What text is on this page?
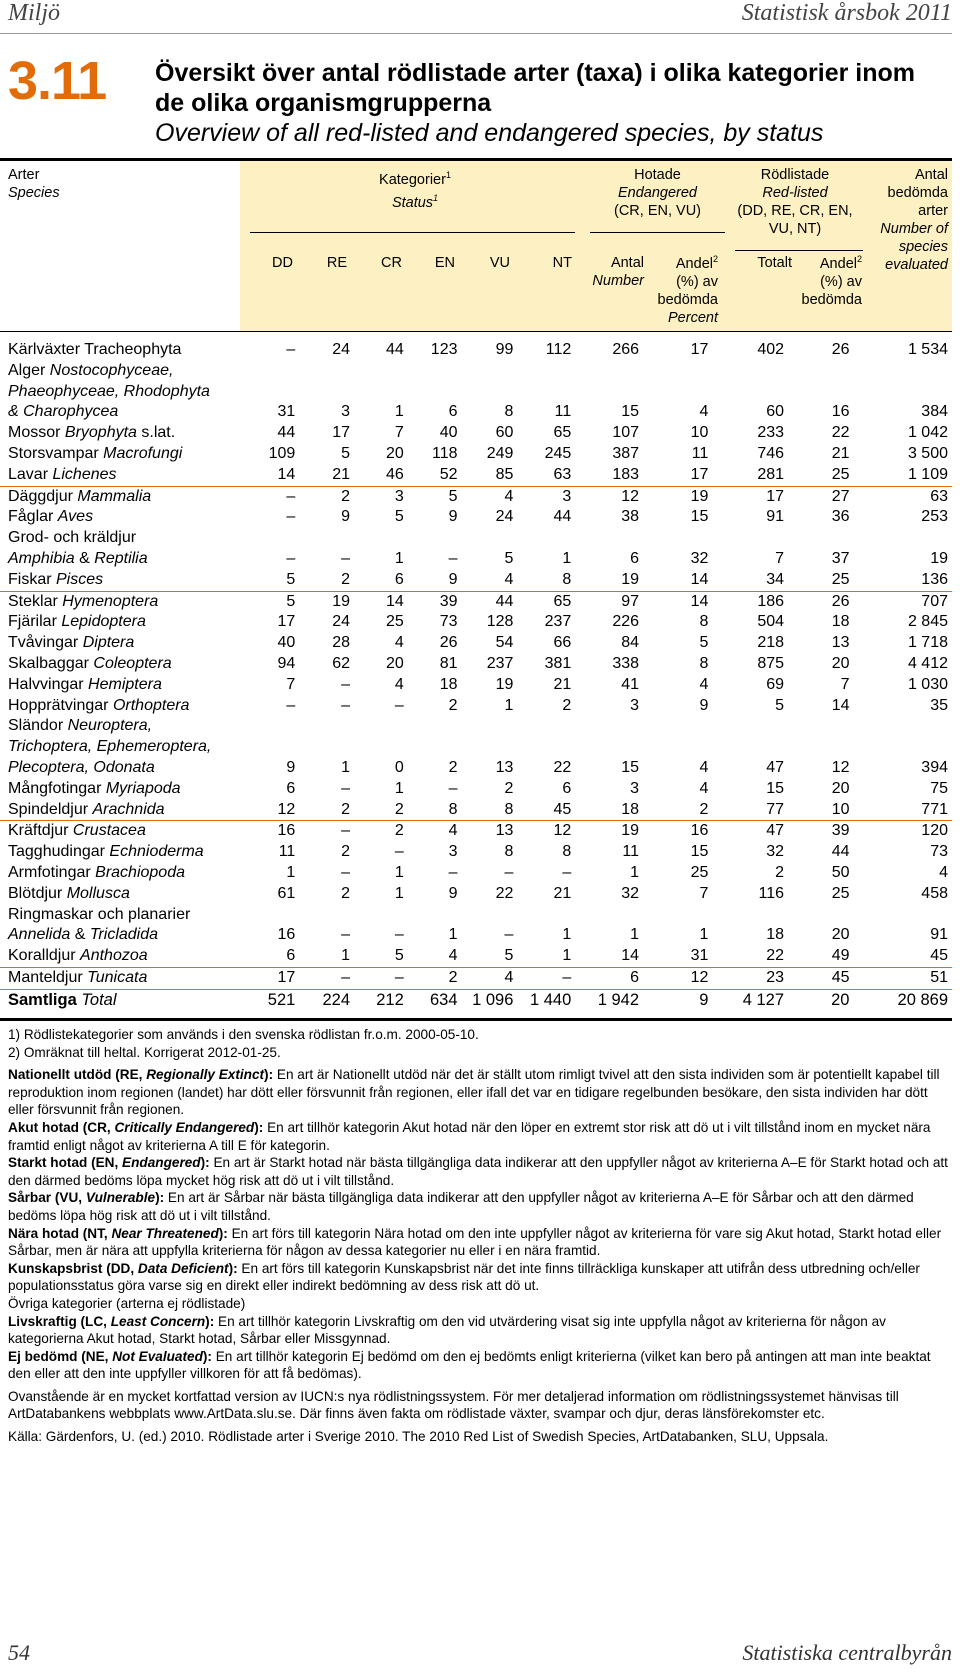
Miljö	Statistisk årsbok 2011
3.11 Översikt över antal rödlistade arter (taxa) i olika kategorier inom de olika organismgrupperna
Overview of all red-listed and endangered species, by status
Arter
Species
Kategorier$^1$
Status$^1$
Hotade
Endangered
(CR, EN, VU)
Rödlistade
Red-listed
(DD, RE, CR, EN,
VU, NT)
Antal
bedömda
arter
Number of
species
evaluated
DD	RE	CR	EN	VU	NT	Antal
Number
Andel$^2$
(%) av
bedömda
Percent
Totalt	Andel$^2$
(%) av
bedömda
Kärlväxter Tracheophyta	–	24	44	123	99	112	266	17	402	26	1 534
Alger Nostocophyceae,											
Phaeophyceae, Rhodophyta											
& Charophycea	31	3	1	6	8	11	15	4	60	16	384
Mossor Bryophyta s.lat.	44	17	7	40	60	65	107	10	233	22	1 042
Storsvampar Macrofungi	109	5	20	118	249	245	387	11	746	21	3 500
Lavar Lichenes	14	21	46	52	85	63	183	17	281	25	1 109
Däggdjur Mammalia	–	2	3	5	4	3	12	19	17	27	63
Fåglar Aves	–	9	5	9	24	44	38	15	91	36	253
Grod- och kräldjur											
Amphibia & Reptilia	–	–	1	–	5	1	6	32	7	37	19
Fiskar Pisces	5	2	6	9	4	8	19	14	34	25	136
Steklar Hymenoptera	5	19	14	39	44	65	97	14	186	26	707
Fjärilar Lepidoptera	17	24	25	73	128	237	226	8	504	18	2 845
Tvåvingar Diptera	40	28	4	26	54	66	84	5	218	13	1 718
Skalbaggar Coleoptera	94	62	20	81	237	381	338	8	875	20	4 412
Halvvingar Hemiptera	7	–	4	18	19	21	41	4	69	7	1 030
Hopprätvingar Orthoptera	–	–	–	2	1	2	3	9	5	14	35
Sländor Neuroptera,											
Trichoptera, Ephemeroptera,											
Plecoptera, Odonata	9	1	0	2	13	22	15	4	47	12	394
Mångfotingar Myriapoda	6	–	1	–	2	6	3	4	15	20	75
Spindeldjur Arachnida	12	2	2	8	8	45	18	2	77	10	771
Kräftdjur Crustacea	16	–	2	4	13	12	19	16	47	39	120
Tagghudingar Echnioderma	11	2	–	3	8	8	11	15	32	44	73
Armfotingar Brachiopoda	1	–	1	–	–	–	1	25	2	50	4
Blötdjur Mollusca	61	2	1	9	22	21	32	7	116	25	458
Ringmaskar och planarier											
Annelida & Tricladida	16	–	–	1	–	1	1	1	18	20	91
Koralldjur Anthozoa	6	1	5	4	5	1	14	31	22	49	45
Manteldjur Tunicata	17	–	–	2	4	–	6	12	23	45	51
Samtliga Total	521	224	212	634	1 096	1 440	1 942	9	4 127	20	20 869

1) Rödlistekategorier som används i den svenska rödlistan fr.o.m. 2000-05-10.

2) Omräknat till heltal. Korrigerat 2012-01-25.

Nationellt utdöd (RE, Regionally Extinct): En art är Nationellt utdöd när det är ställt utom rimligt tvivel att den sista individen som är potentiellt kapabel till reproduktion inom regionen (landet) har dött eller försvunnit från regionen, eller ifall det var en tidigare regelbunden besökare, den sista individen har dött eller försvunnit från regionen.

Akut hotad (CR, Critically Endangered): En art tillhör kategorin Akut hotad när den löper en extremt stor risk att dö ut i vilt tillstånd inom en mycket nära framtid enligt något av kriterierna A till E för kategorin.

Starkt hotad (EN, Endangered): En art är Starkt hotad när bästa tillgängliga data indikerar att den uppfyller något av kriterierna A–E för Starkt hotad och att den därmed bedöms löpa mycket hög risk att dö ut i vilt tillstånd.

Sårbar (VU, Vulnerable): En art är Sårbar när bästa tillgängliga data indikerar att den uppfyller något av kriterierna A–E för Sårbar och att den därmed bedöms löpa hög risk att dö ut i vilt tillstånd.

Nära hotad (NT, Near Threatened): En art förs till kategorin Nära hotad om den inte uppfyller något av kriterierna för vare sig Akut hotad, Starkt hotad eller Sårbar, men är nära att uppfylla kriterierna för någon av dessa kategorier nu eller i en nära framtid.

Kunskapsbrist (DD, Data Deficient): En art förs till kategorin Kunskapsbrist när det inte finns tillräckliga kunskaper att utifrån dess utbredning och/eller populationsstatus göra varse sig en direkt eller indirekt bedömning av dess risk att dö ut.

Övriga kategorier (arterna ej rödlistade)

Livskraftig (LC, Least Concern): En art tillhör kategorin Livskraftig om den vid utvärdering visat sig inte uppfylla något av kriterierna för någon av kategorierna Akut hotad, Starkt hotad, Sårbar eller Missgynnad.

Ej bedömd (NE, Not Evaluated): En art tillhör kategorin Ej bedömd om den ej bedömts enligt kriterierna (vilket kan bero på antingen att man inte beaktat den eller att den inte uppfyller villkoren för att få bedömas).

Ovanstående är en mycket kortfattad version av IUCN:s nya rödlistningssystem. För mer detaljerad information om rödlistningssystemet hänvisas till ArtDatabankens webbplats www.ArtData.slu.se. Där finns även fakta om rödlistade växter, svampar och djur, deras länsförekomster etc.

Källa: Gärdenfors, U. (ed.) 2010. Rödlistade arter i Sverige 2010. The 2010 Red List of Swedish Species, ArtDatabanken, SLU, Uppsala.

54	Statistiska centralbyrån
